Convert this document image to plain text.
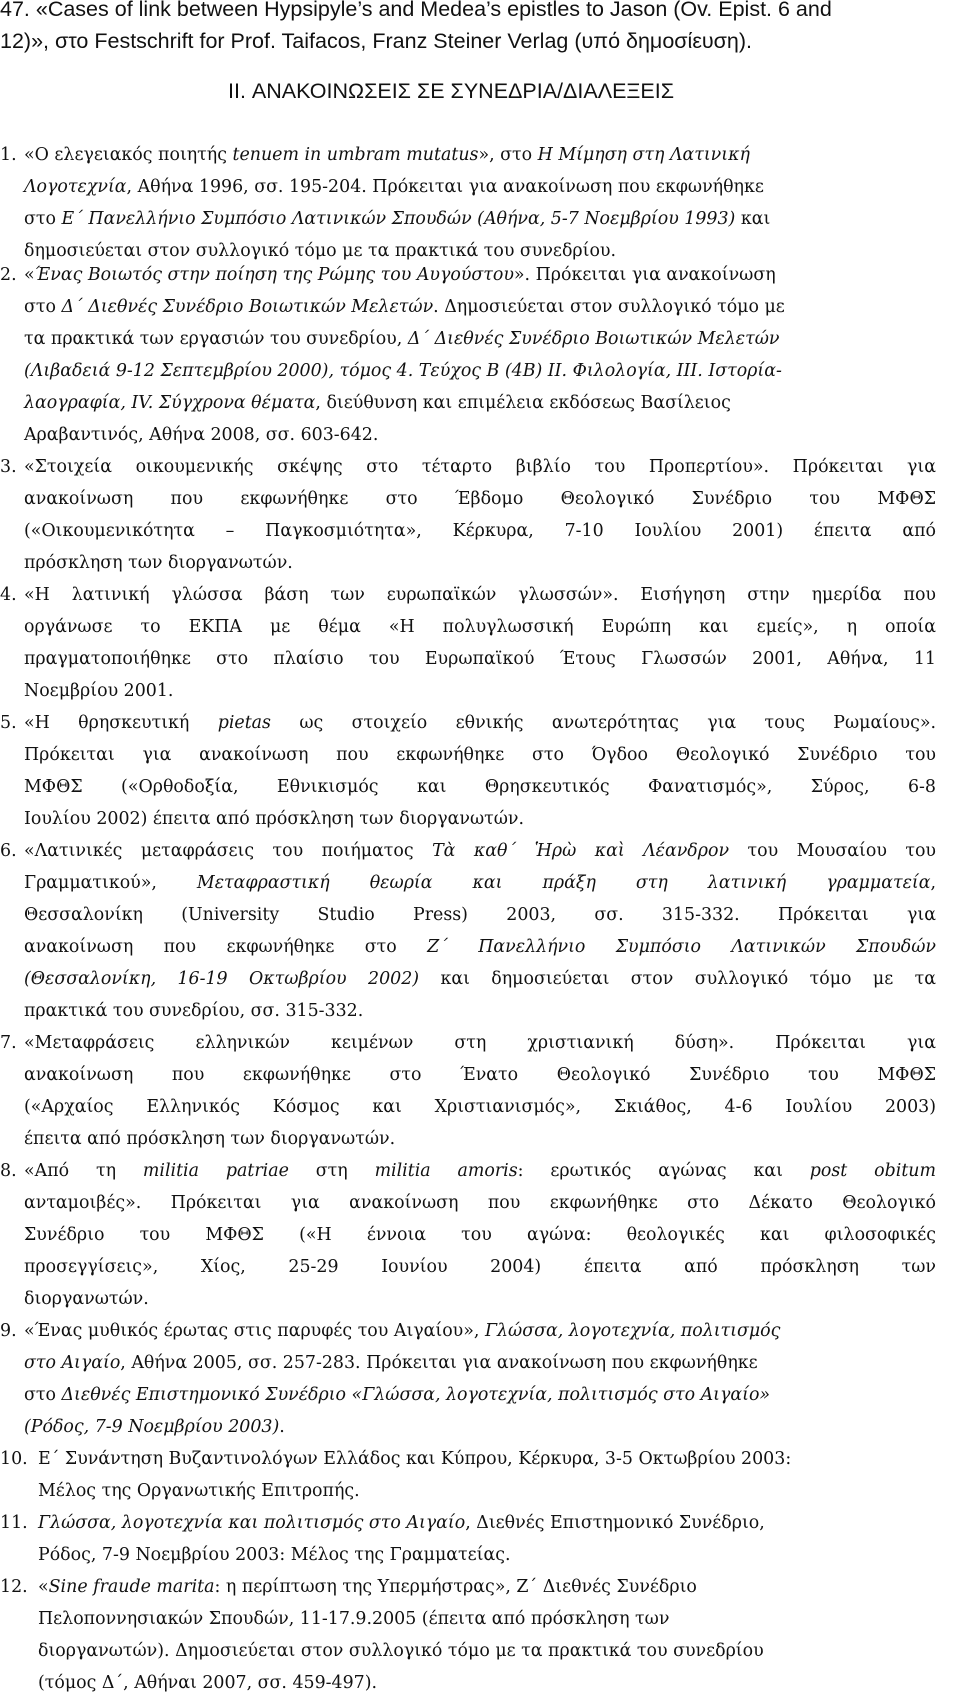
47. «Cases of link between Hypsipyle’s and Medea’s epistles to Jason (Ov. Epist. 6 and
12)», στο Festschrift for Prof. Taifacos, Franz Steiner Verlag (υπό δημοσίευση).
II. ΑΝΑΚΟΙΝΩΣΕΙΣ ΣΕ ΣΥΝΕΔΡΙΑ/ΔΙΑΛΕΞΕΙΣ
1. «Ο ελεγειακός ποιητής tenuem in umbram mutatus», στο Η Μίμηση στη Λατινική
Λογοτεχνία, Αθήνα 1996, σσ. 195-204. Πρόκειται για ανακοίνωση που εκφωνήθηκε
στο Ε΄ Πανελλήνιο Συμπόσιο Λατινικών Σπουδών (Αθήνα, 5-7 Νοεμβρίου 1993) και
δημοσιεύεται στον συλλογικό τόμο με τα πρακτικά του συνεδρίου.
2. «Ένας Βοιωτός στην ποίηση της Ρώμης του Αυγούστου». Πρόκειται για ανακοίνωση
στο Δ΄ Διεθνές Συνέδριο Βοιωτικών Μελετών. Δημοσιεύεται στον συλλογικό τόμο με
τα πρακτικά των εργασιών του συνεδρίου, Δ΄ Διεθνές Συνέδριο Βοιωτικών Μελετών
(Λιβαδειά 9-12 Σεπτεμβρίου 2000), τόμος 4. Τεύχος Β (4Β) ΙΙ. Φιλολογία, ΙΙΙ. Ιστορία-
λαογραφία, IV. Σύγχρονα θέματα, διεύθυνση και επιμέλεια εκδόσεως Βασίλειος
Αραβαντινός, Αθήνα 2008, σσ. 603-642.
3. «Στοιχεία οικουμενικής σκέψης στο τέταρτο βιβλίο του Προπερτίου». Πρόκειται για
ανακοίνωση που εκφωνήθηκε στο Έβδομο Θεολογικό Συνέδριο του ΜΦΘΣ
(«Οικουμενικότητα – Παγκοσμιότητα», Κέρκυρα, 7-10 Ιουλίου 2001) έπειτα από
πρόσκληση των διοργανωτών.
4. «Η λατινική γλώσσα βάση των ευρωπαϊκών γλωσσών». Εισήγηση στην ημερίδα που
οργάνωσε το ΕΚΠΑ με θέμα «Η πολυγλωσσική Ευρώπη και εμείς», η οποία
πραγματοποιήθηκε στο πλαίσιο του Ευρωπαϊκού Έτους Γλωσσών 2001, Αθήνα, 11
Νοεμβρίου 2001.
5. «Η θρησκευτική pietas ως στοιχείο εθνικής ανωτερότητας για τους Ρωμαίους».
Πρόκειται για ανακοίνωση που εκφωνήθηκε στο Όγδοο Θεολογικό Συνέδριο του
ΜΦΘΣ («Ορθοδοξία, Εθνικισμός και Θρησκευτικός Φανατισμός», Σύρος, 6-8
Ιουλίου 2002) έπειτα από πρόσκληση των διοργανωτών.
6. «Λατινικές μεταφράσεις του ποιήματος Τὰ καθ΄ Ἡρὼ καὶ Λέανδρον του Μουσαίου του
Γραμματικού», Μεταφραστική θεωρία και πράξη στη λατινική γραμματεία,
Θεσσαλονίκη (University Studio Press) 2003, σσ. 315-332. Πρόκειται για
ανακοίνωση που εκφωνήθηκε στο Ζ΄ Πανελλήνιο Συμπόσιο Λατινικών Σπουδών
(Θεσσαλονίκη, 16-19 Οκτωβρίου 2002) και δημοσιεύεται στον συλλογικό τόμο με τα
πρακτικά του συνεδρίου, σσ. 315-332.
7. «Μεταφράσεις ελληνικών κειμένων στη χριστιανική δύση». Πρόκειται για
ανακοίνωση που εκφωνήθηκε στο Ένατο Θεολογικό Συνέδριο του ΜΦΘΣ
(«Αρχαίος Ελληνικός Κόσμος και Χριστιανισμός», Σκιάθος, 4-6 Ιουλίου 2003)
έπειτα από πρόσκληση των διοργανωτών.
8. «Από τη militia patriae στη militia amoris: ερωτικός αγώνας και post obitum
ανταμοιβές». Πρόκειται για ανακοίνωση που εκφωνήθηκε στο Δέκατο Θεολογικό
Συνέδριο του ΜΦΘΣ («Η έννοια του αγώνα: θεολογικές και φιλοσοφικές
προσεγγίσεις», Χίος, 25-29 Ιουνίου 2004) έπειτα από πρόσκληση των
διοργανωτών.
9. «Ένας μυθικός έρωτας στις παρυφές του Αιγαίου», Γλώσσα, λογοτεχνία, πολιτισμός
στο Αιγαίο, Αθήνα 2005, σσ. 257-283. Πρόκειται για ανακοίνωση που εκφωνήθηκε
στο Διεθνές Επιστημονικό Συνέδριο «Γλώσσα, λογοτεχνία, πολιτισμός στο Αιγαίο»
(Ρόδος, 7-9 Νοεμβρίου 2003).
10. Ε΄ Συνάντηση Βυζαντινολόγων Ελλάδος και Κύπρου, Κέρκυρα, 3-5 Οκτωβρίου 2003:
Μέλος της Οργανωτικής Επιτροπής.
11. Γλώσσα, λογοτεχνία και πολιτισμός στο Αιγαίο, Διεθνές Επιστημονικό Συνέδριο,
Ρόδος, 7-9 Νοεμβρίου 2003: Μέλος της Γραμματείας.
12. «Sine fraude marita: η περίπτωση της Υπερμήστρας», Ζ΄ Διεθνές Συνέδριο
Πελοποννησιακών Σπουδών, 11-17.9.2005 (έπειτα από πρόσκληση των
διοργανωτών). Δημοσιεύεται στον συλλογικό τόμο με τα πρακτικά του συνεδρίου
(τόμος Δ΄, Αθήναι 2007, σσ. 459-497).
